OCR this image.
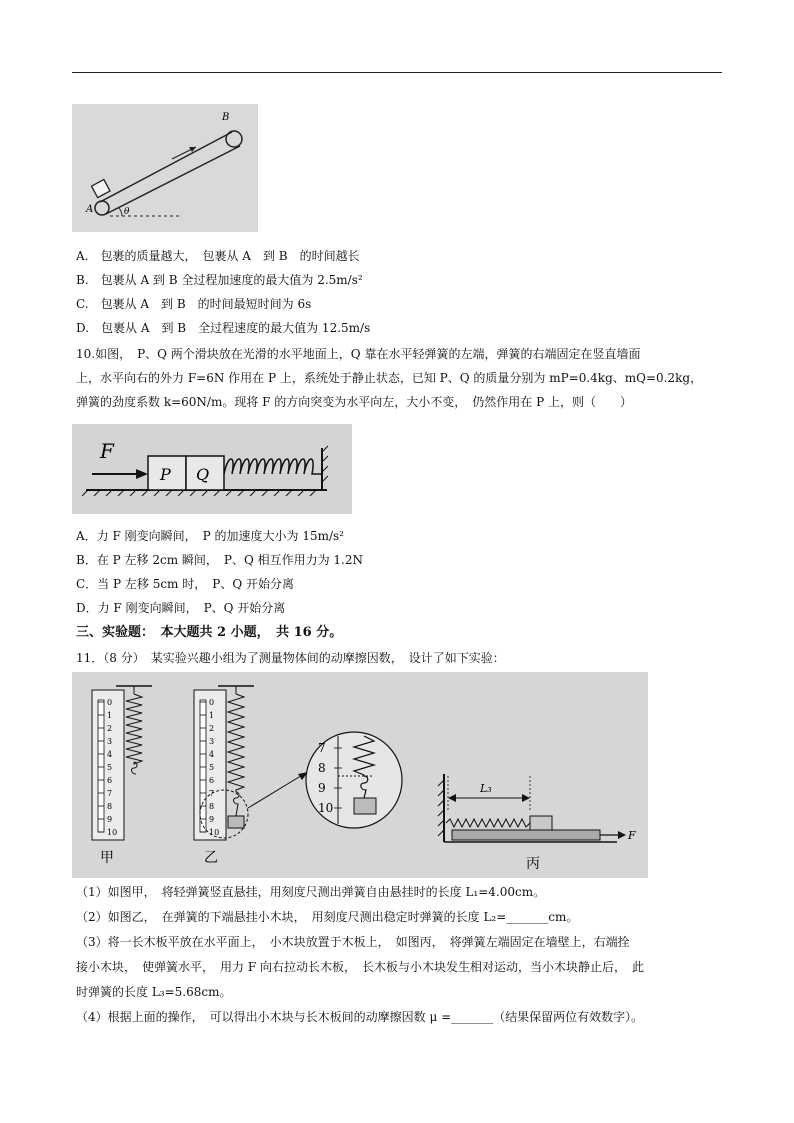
A
B
θ
A.　包裹的质量越大，　包裹从 A　到 B　的时间越长
B.　包裹从 A 到 B 全过程加速度的最大值为 2.5m/s²
C.　包裹从 A　到 B　的时间最短时间为 6s
D.　包裹从 A　到 B　全过程速度的最大值为 12.5m/s
10.如图，　P、Q 两个滑块放在光滑的水平地面上，Q 靠在水平轻弹簧的左端，弹簧的右端固定在竖直墙面
上，水平向右的外力 F=6N 作用在 P 上，系统处于静止状态，已知 P、Q 的质量分别为 mP=0.4kg、mQ=0.2kg，
弹簧的劲度系数 k=60N/m。现将 F 的方向突变为水平向左，大小不变，　仍然作用在 P 上，则（　　）
F
P Q
A．力 F 刚变向瞬间，　P 的加速度大小为 15m/s²
B．在 P 左移 2cm 瞬间，　P、Q 相互作用力为 1.2N
C．当 P 左移 5cm 时，　P、Q 开始分离
D．力 F 刚变向瞬间，　P、Q 开始分离
三、实验题：　本大题共 2 小题，　共 16 分。
11．（8 分）　某实验兴趣小组为了测量物体间的动摩擦因数，　设计了如下实验：
0
1
2
3
4
5
6
7
8
9
10
甲
0
1
2
3
4
5
6
7
8
9
10
乙
7
8
9
10
L₃
F
丙
（1）如图甲，　将轻弹簧竖直悬挂，用刻度尺测出弹簧自由悬挂时的长度 L₁=4.00cm。
（2）如图乙，　在弹簧的下端悬挂小木块，　用刻度尺测出稳定时弹簧的长度 L₂=_______cm。
（3）将一长木板平放在水平面上，　小木块放置于木板上，　如图丙，　将弹簧左端固定在墙壁上，右端拴
接小木块，　使弹簧水平，　用力 F 向右拉动长木板，　长木板与小木块发生相对运动，当小木块静止后，　此
时弹簧的长度 L₃=5.68cm。
（4）根据上面的操作，　可以得出小木块与长木板间的动摩擦因数 μ =_______（结果保留两位有效数字）。
